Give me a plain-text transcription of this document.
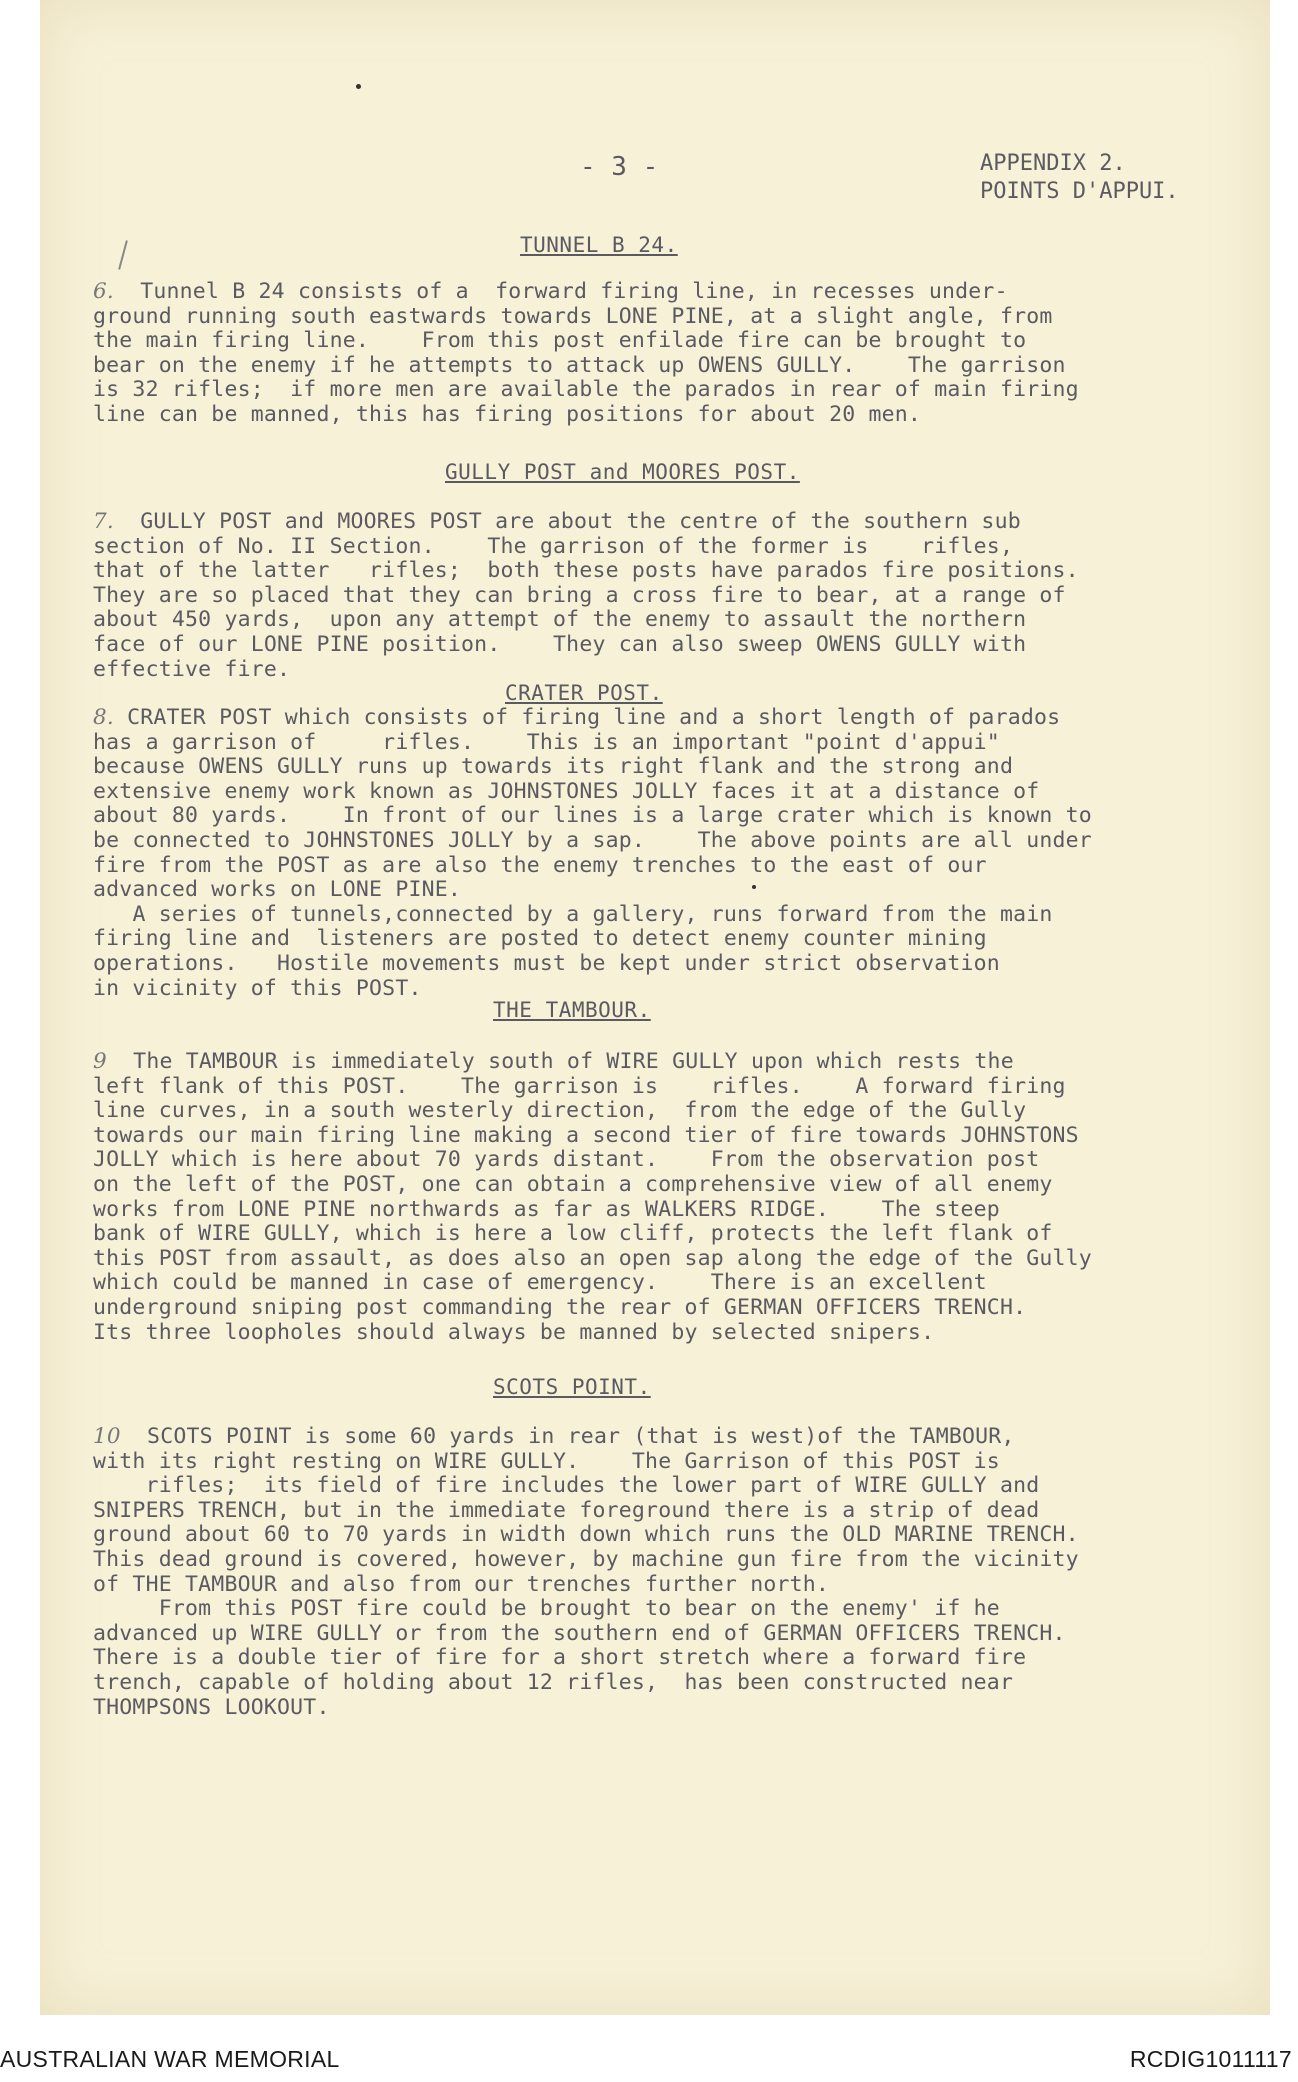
- 3 -	APPENDIX 2.
POINTS D'APPUI.
TUNNEL B 24.
6.  Tunnel B 24 consists of a  forward firing line, in recesses under-
ground running south eastwards towards LONE PINE, at a slight angle, from
the main firing line.    From this post enfilade fire can be brought to
bear on the enemy if he attempts to attack up OWENS GULLY.    The garrison
is 32 rifles;  if more men are available the parados in rear of main firing
line can be manned, this has firing positions for about 20 men.
GULLY POST and MOORES POST.
7.  GULLY POST and MOORES POST are about the centre of the southern sub
section of No. II Section.    The garrison of the former is    rifles,
that of the latter   rifles;  both these posts have parados fire positions.
They are so placed that they can bring a cross fire to bear, at a range of
about 450 yards,  upon any attempt of the enemy to assault the northern
face of our LONE PINE position.    They can also sweep OWENS GULLY with
effective fire.
CRATER POST.
8. CRATER POST which consists of firing line and a short length of parados
has a garrison of     rifles.    This is an important "point d'appui"
because OWENS GULLY runs up towards its right flank and the strong and
extensive enemy work known as JOHNSTONES JOLLY faces it at a distance of
about 80 yards.    In front of our lines is a large crater which is known to
be connected to JOHNSTONES JOLLY by a sap.    The above points are all under
fire from the POST as are also the enemy trenches to the east of our
advanced works on LONE PINE.
A series of tunnels,connected by a gallery, runs forward from the main
firing line and  listeners are posted to detect enemy counter mining
operations.   Hostile movements must be kept under strict observation
in vicinity of this POST.
THE TAMBOUR.
9  The TAMBOUR is immediately south of WIRE GULLY upon which rests the
left flank of this POST.    The garrison is    rifles.    A forward firing
line curves, in a south westerly direction,  from the edge of the Gully
towards our main firing line making a second tier of fire towards JOHNSTONS
JOLLY which is here about 70 yards distant.    From the observation post
on the left of the POST, one can obtain a comprehensive view of all enemy
works from LONE PINE northwards as far as WALKERS RIDGE.    The steep
bank of WIRE GULLY, which is here a low cliff, protects the left flank of
this POST from assault, as does also an open sap along the edge of the Gully
which could be manned in case of emergency.    There is an excellent
underground sniping post commanding the rear of GERMAN OFFICERS TRENCH.
Its three loopholes should always be manned by selected snipers.
SCOTS POINT.
10  SCOTS POINT is some 60 yards in rear (that is west)of the TAMBOUR,
with its right resting on WIRE GULLY.    The Garrison of this POST is
rifles;  its field of fire includes the lower part of WIRE GULLY and
SNIPERS TRENCH, but in the immediate foreground there is a strip of dead
ground about 60 to 70 yards in width down which runs the OLD MARINE TRENCH.
This dead ground is covered, however, by machine gun fire from the vicinity
of THE TAMBOUR and also from our trenches further north.
From this POST fire could be brought to bear on the enemy' if he
advanced up WIRE GULLY or from the southern end of GERMAN OFFICERS TRENCH.
There is a double tier of fire for a short stretch where a forward fire
trench, capable of holding about 12 rifles,  has been constructed near
THOMPSONS LOOKOUT.
AUSTRALIAN WAR MEMORIAL	RCDIG1011117
